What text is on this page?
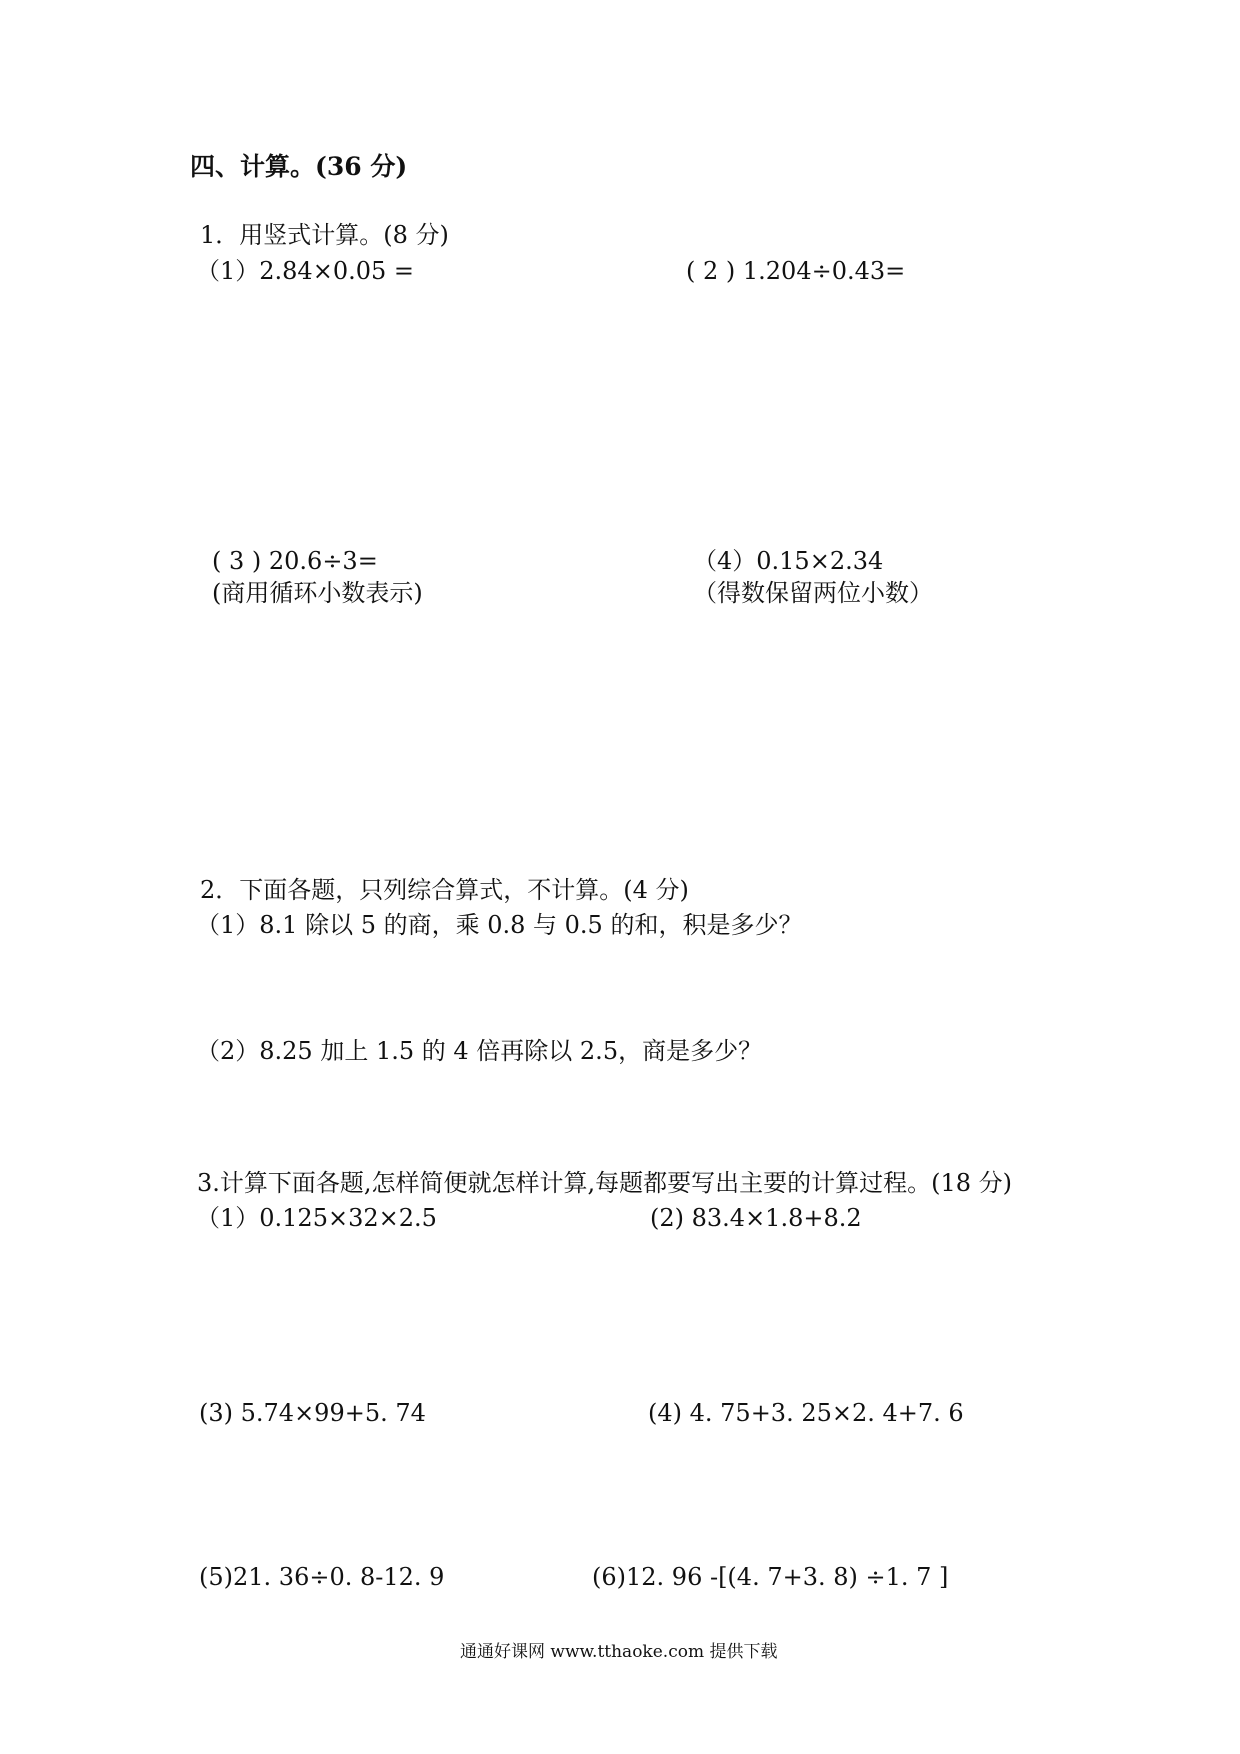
四、计算。(36 分)
1．用竖式计算。(8 分)
（1）2.84×0.05 =	( 2 ) 1.204÷0.43=
( 3 ) 20.6÷3=
(商用循环小数表示)
（4）0.15×2.34
（得数保留两位小数）
2．下面各题，只列综合算式，不计算。(4 分)
（1）8.1 除以 5 的商，乘 0.8 与 0.5 的和，积是多少？
（2）8.25 加上 1.5 的 4 倍再除以 2.5，商是多少？
3.计算下面各题,怎样简便就怎样计算,每题都要写出主要的计算过程。(18 分)
（1）0.125×32×2.5	(2) 83.4×1.8+8.2
(3) 5.74×99+5. 74	(4) 4. 75+3. 25×2. 4+7. 6
(5)21. 36÷0. 8-12. 9	(6)12. 96 -[(4. 7+3. 8) ÷1. 7 ]
通通好课网 www.tthaoke.com 提供下载
